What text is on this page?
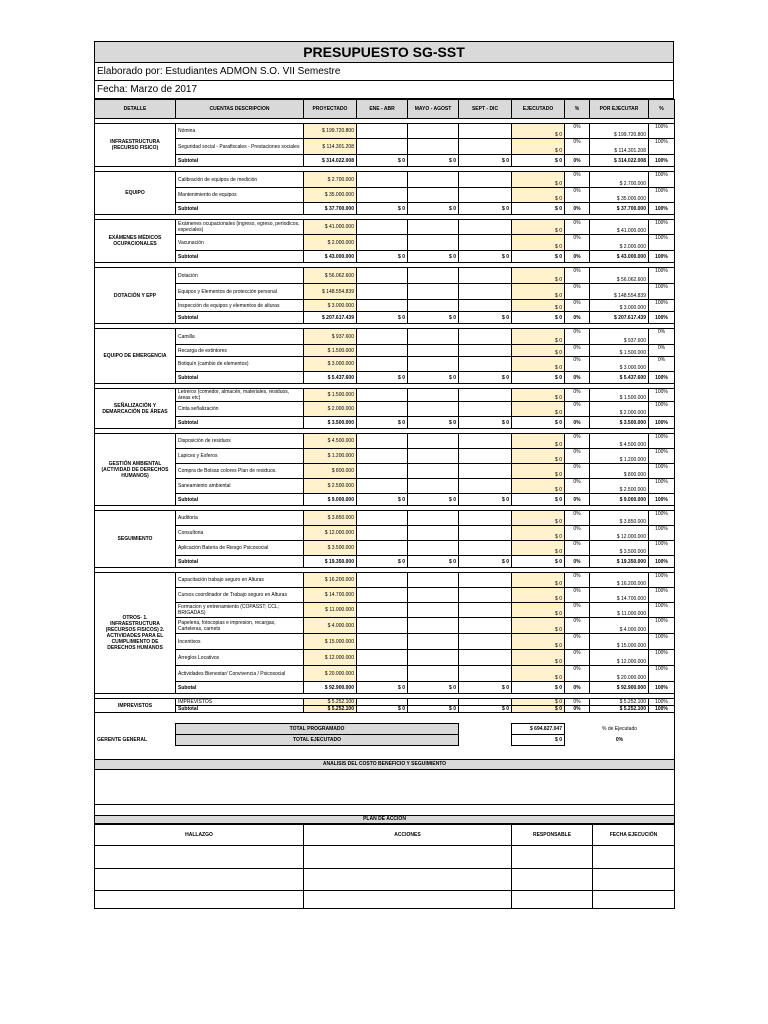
PRESUPUESTO SG-SST
Elaborado por: Estudiantes ADMON S.O. VII Semestre
Fecha: Marzo de 2017
DETALLE	CUENTAS DESCRIPCION	PROYECTADO	ENE - ABR	MAYO - AGOST	SEPT - DIC	EJECUTADO	%	POR EJECUTAR	%

INFRAESTRUCTURA (RECURSO FISICO)	Nómina	$ 199.720.800				$ 0	0%	$ 199.720.800	100%
	Seguridad social - Parafiscales - Prestaciones sociales	$ 114.301.208				$ 0	0%	$ 114.301.208	100%
	Subtotal	$ 314.022.008	$ 0	$ 0	$ 0	$ 0	0%	$ 314.022.008	100%

EQUIPO	Calibración de equipos de medición	$ 2.700.000				$ 0	0%	$ 2.700.000	100%
	Mantenimiento de equipos	$ 35.000.000				$ 0	0%	$ 35.000.000	100%
	Subtotal	$ 37.700.000	$ 0	$ 0	$ 0	$ 0	0%	$ 37.700.000	100%

EXÁMENES MÉDICOS OCUPACIONALES	Exámenes ocupacionales (ingreso, egreso, periodicos, especiales)	$ 41.000.000				$ 0	0%	$ 41.000.000	100%
	Vacunación	$ 2.000.000				$ 0	0%	$ 2.000.000	100%
	Subtotal	$ 43.000.000	$ 0	$ 0	$ 0	$ 0	0%	$ 43.000.000	100%

DOTACIÓN Y EPP	Dotación	$ 56.062.600				$ 0	0%	$ 56.062.600	100%
	Equipos y Elementos de protección personal	$ 148.554.839				$ 0	0%	$ 148.554.839	100%
	Inspección de equipos y elementos de alturas	$ 3.000.000				$ 0	0%	$ 3.000.000	100%
	Subtotal	$ 207.617.439	$ 0	$ 0	$ 0	$ 0	0%	$ 207.617.439	100%

EQUIPO DE EMERGENCIA	Camilla	$ 937.600				$ 0	0%	$ 937.600	0%
	Recarga de extintores	$ 1.500.000				$ 0	0%	$ 1.500.000	0%
	Botiquín (cambio de elementos)	$ 3.000.000				$ 0	0%	$ 3.000.000	0%
	Subtotal	$ 5.437.600	$ 0	$ 0	$ 0	$ 0	0%	$ 5.437.600	100%

SEÑALIZACIÓN Y DEMARCACIÓN DE ÁREAS	Letreros (comedor, almacén, materiales, residuos, áreas etc)	$ 1.500.000				$ 0	0%	$ 1.500.000	100%
	Cinta señalización	$ 2.000.000				$ 0	0%	$ 2.000.000	100%
	Subtotal	$ 3.500.000	$ 0	$ 0	$ 0	$ 0	0%	$ 3.500.000	100%

GESTIÓN AMBIENTAL (ACTIVIDAD DE DERECHOS HUMANOS)	Disposición de residuos	$ 4.500.000				$ 0	0%	$ 4.500.000	100%
	Lapices y Esferos	$ 1.200.000				$ 0	0%	$ 1.200.000	100%
	Compra de Bolsas colores Plan de residuos.	$ 800.000				$ 0	0%	$ 800.000	100%
	Saneamiento ambiental	$ 2.500.000				$ 0	0%	$ 2.500.000	100%
	Subtotal	$ 9.000.000	$ 0	$ 0	$ 0	$ 0	0%	$ 9.000.000	100%

SEGUIMIENTO	Auditoria	$ 3.850.000				$ 0	0%	$ 3.850.000	100%
	Consultoria	$ 12.000.000				$ 0	0%	$ 12.000.000	100%
	Aplicación Bateria de Riesgo Psicosocial	$ 3.500.000				$ 0	0%	$ 3.500.000	100%
	Subtotal	$ 19.350.000	$ 0	$ 0	$ 0	$ 0	0%	$ 19.350.000	100%

OTROS- 1. INFRAESTRUCTURA (RECURSOS FISICOS) 2. ACTIVIDADES PARA EL CUMPLIMIENTO DE DERECHOS HUMANOS	Capacitación trabajo seguro en Alturas	$ 16.200.000				$ 0	0%	$ 16.200.000	100%
	Cursos coordinador de Trabajo seguro en Alturas	$ 14.700.000				$ 0	0%	$ 14.700.000	100%
	Formacion y entrenamiento (COPASST; CCL; BRIGADAS)	$ 11.000.000				$ 0	0%	$ 11.000.000	100%
	Papeleria, fotocopias e impresion, recargas, Carteleras, carnets	$ 4.000.000				$ 0	0%	$ 4.000.000	100%
	Incentivos	$ 15.000.000				$ 0	0%	$ 15.000.000	100%
	Arreglos Locativos	$ 12.000.000				$ 0	0%	$ 12.000.000	100%
	Actividades Bienestar/ Convivencia / Psicosocial	$ 20.000.000				$ 0	0%	$ 20.000.000	100%
	Subotal	$ 92.900.000	$ 0	$ 0	$ 0	$ 0	0%	$ 92.900.000	100%

IMPREVISTOS	IMPREVISTOS	$ 5.252.100				$ 0	0%	$ 5.252.100	100%
	Subtotal	$ 5.252.100	$ 0	$ 0	$ 0	$ 0	0%	$ 5.252.100	100%

	TOTAL PROGRAMADO		$ 694.827.047	% de Ejecutado	
GERENTE GENERAL	TOTAL EJECUTADO		$ 0	0%	

ANALISIS DEL COSTO BENEFICIO Y SEGUIMIENTO					

PLAN DE ACCIÓN					
HALLAZGO	ACCIONES	RESPONSABLE	FECHA EJECUCIÓN
